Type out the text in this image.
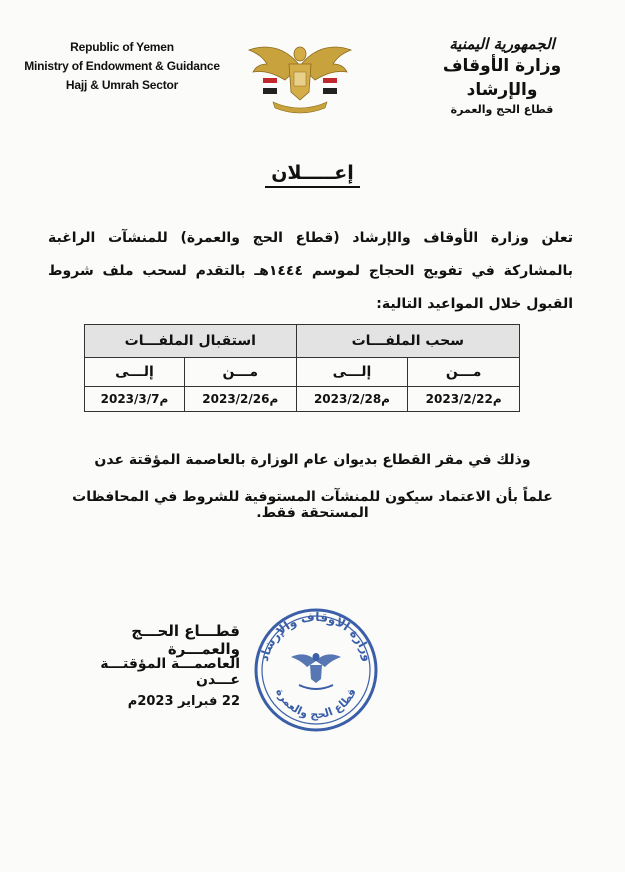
Republic of Yemen
Ministry of Endowment & Guidance
Hajj & Umrah Sector
الجمهورية اليمنية
وزارة الأوقاف والإرشاد
قطاع الحج والعمرة
إعـــــلان
تعلن وزارة الأوقاف والإرشاد (قطاع الحج والعمرة) للمنشآت الراغبة بالمشاركة في تفويج الحجاج لموسم ١٤٤٤هـ بالتقدم لسحب ملف شروط القبول خلال المواعيد التالية:
سحب الملفـــات		استقبال الملفـــات	
مـــن	إلـــى	مـــن	إلـــى
2023/2/22م	2023/2/28م	2023/2/26م	2023/3/7م
وذلك في مقر القطاع بديوان عام الوزارة بالعاصمة المؤقتة عدن
علماً بأن الاعتماد سيكون للمنشآت المستوفية للشروط في المحافظات المستحقة فقط.
قطـــاع الحـــج والعمـــرة
العاصمـــة المؤقتـــة عـــدن
22 فبراير 2023م
وزارة الأوقاف والإرشاد
قطاع الحج والعمرة
